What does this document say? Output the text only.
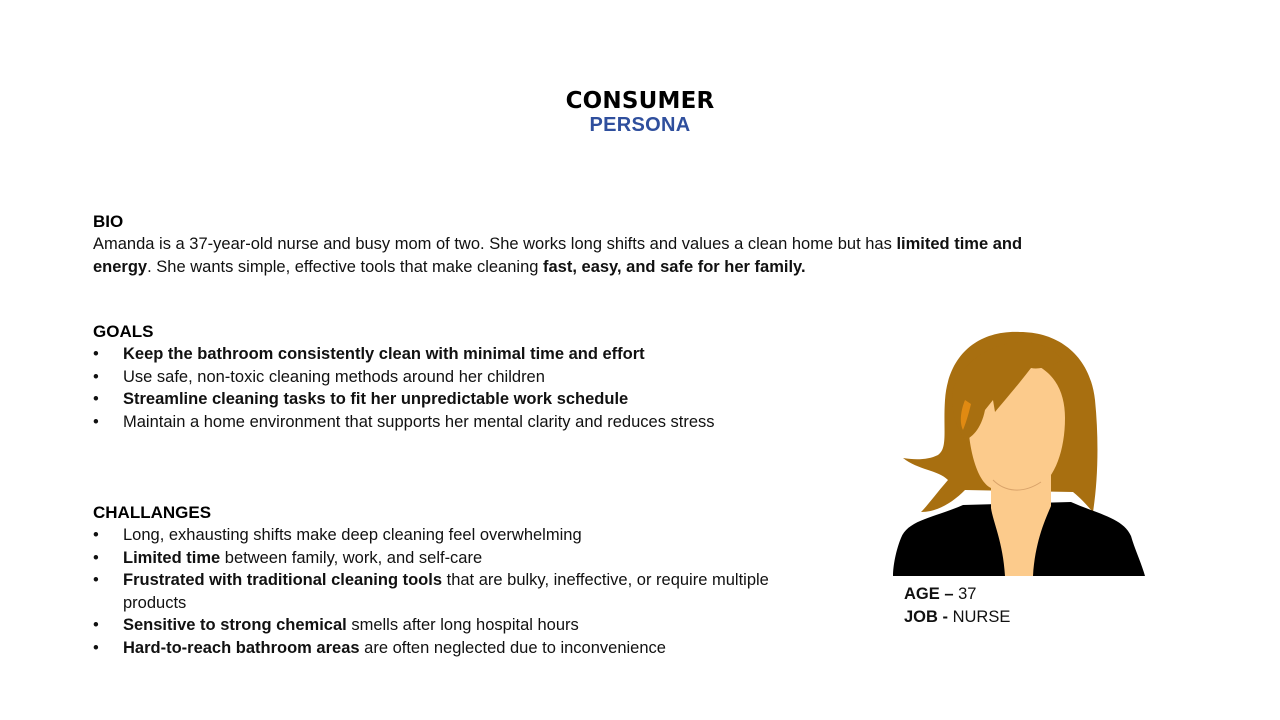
CONSUMER
PERSONA
BIO
Amanda is a 37-year-old nurse and busy mom of two. She works long shifts and values a clean home but has limited time and energy. She wants simple, effective tools that make cleaning fast, easy, and safe for her family.
GOALS
• Keep the bathroom consistently clean with minimal time and effort
• Use safe, non-toxic cleaning methods around her children
• Streamline cleaning tasks to fit her unpredictable work schedule
• Maintain a home environment that supports her mental clarity and reduces stress
CHALLANGES
• Long, exhausting shifts make deep cleaning feel overwhelming
• Limited time between family, work, and self-care
• Frustrated with traditional cleaning tools that are bulky, ineffective, or require multiple products
• Sensitive to strong chemical smells after long hospital hours
• Hard-to-reach bathroom areas are often neglected due to inconvenience
AGE – 37
JOB - NURSE
